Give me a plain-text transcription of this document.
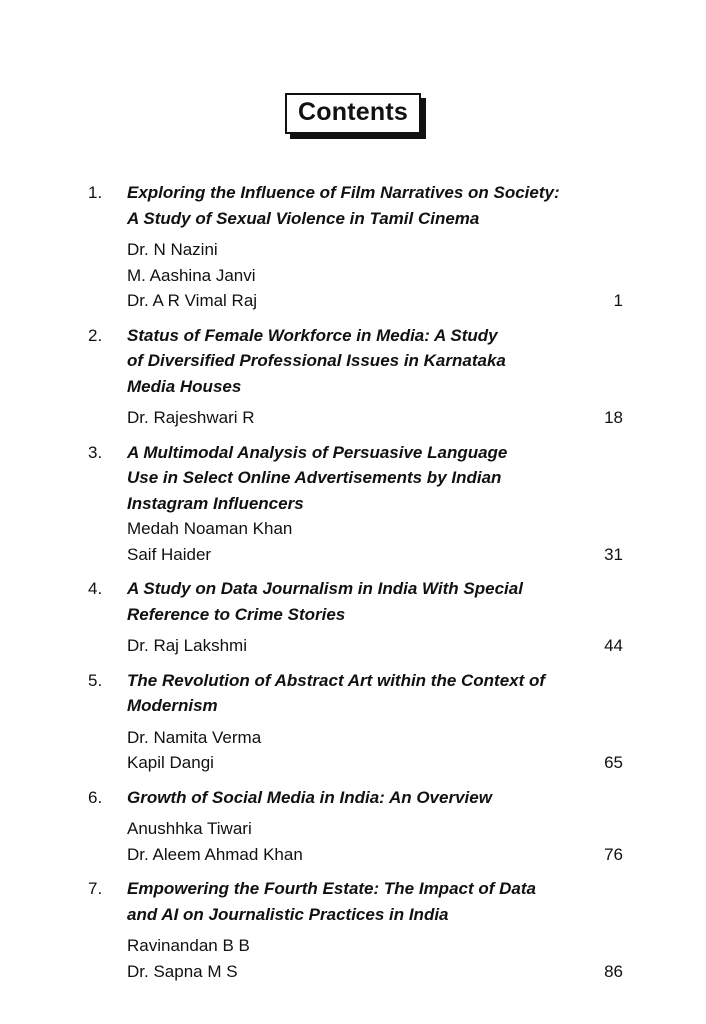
Contents
1.	Exploring the Influence of Film Narratives on Society:
A Study of Sexual Violence in Tamil Cinema
Dr. N Nazini
M. Aashina Janvi
Dr. A R Vimal Raj	1
2.	Status of Female Workforce in Media: A Study
of Diversified Professional Issues in Karnataka
Media Houses
Dr. Rajeshwari R	18
3.	A Multimodal Analysis of Persuasive Language
Use in Select Online Advertisements by Indian
Instagram Influencers
Medah Noaman Khan
Saif Haider	31
4.	A Study on Data Journalism in India With Special
Reference to Crime Stories
Dr. Raj Lakshmi	44
5.	The Revolution of Abstract Art within the Context of
Modernism
Dr. Namita Verma
Kapil Dangi	65
6.	Growth of Social Media in India: An Overview
Anushhka Tiwari
Dr. Aleem Ahmad Khan	76
7.	Empowering the Fourth Estate: The Impact of Data
and AI on Journalistic Practices in India
Ravinandan B B
Dr. Sapna M S	86
